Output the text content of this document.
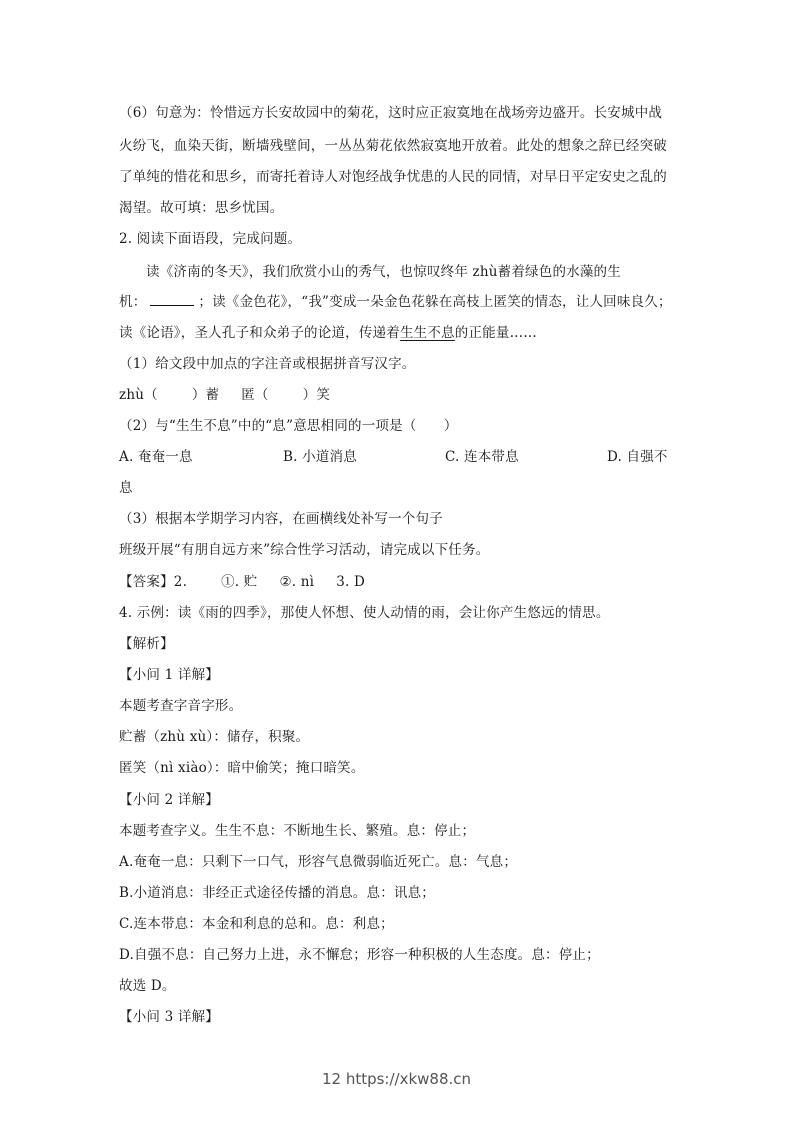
（6）句意为：怜惜远方长安故园中的菊花，这时应正寂寞地在战场旁边盛开。长安城中战
火纷飞，血染天街，断墙残壁间，一丛丛菊花依然寂寞地开放着。此处的想象之辞已经突破
了单纯的惜花和思乡，而寄托着诗人对饱经战争忧患的人民的同情，对早日平定安史之乱的
渴望。故可填：思乡忧国。
2. 阅读下面语段，完成问题。
读《济南的冬天》，我们欣赏小山的秀气，也惊叹终年 zhù蓄着绿色的水藻的生
机：	；读《金色花》，“我”变成一朵金色花躲在高枝上匿笑的情态，让人回味良久；
读《论语》，圣人孔子和众弟子的论道，传递着生生不息的正能量……
（1）给文段中加点的字注音或根据拼音写汉字。
zhù（	）蓄 匿（	）笑
（2）与“生生不息”中的“息”意思相同的一项是（　　）
A. 奄奄一息	B. 小道消息	C. 连本带息	D. 自强不
息
（3）根据本学期学习内容，在画横线处补写一个句子
班级开展“有朋自远方来”综合性学习活动，请完成以下任务。
【答案】2.	①. 贮 ②. nì 3. D
4. 示例：读《雨的四季》，那使人怀想、使人动情的雨，会让你产生悠远的情思。
【解析】
【小问 1 详解】
本题考查字音字形。
贮蓄（zhù xù）：储存，积聚。
匿笑（nì xiào）：暗中偷笑；掩口暗笑。
【小问 2 详解】
本题考查字义。生生不息：不断地生长、繁殖。息：停止；
A.奄奄一息：只剩下一口气，形容气息微弱临近死亡。息：气息；
B.小道消息：非经正式途径传播的消息。息：讯息；
C.连本带息：本金和利息的总和。息：利息；
D.自强不息：自己努力上进，永不懈怠；形容一种积极的人生态度。息：停止；
故选 D。
【小问 3 详解】
12 https://xkw88.cn
